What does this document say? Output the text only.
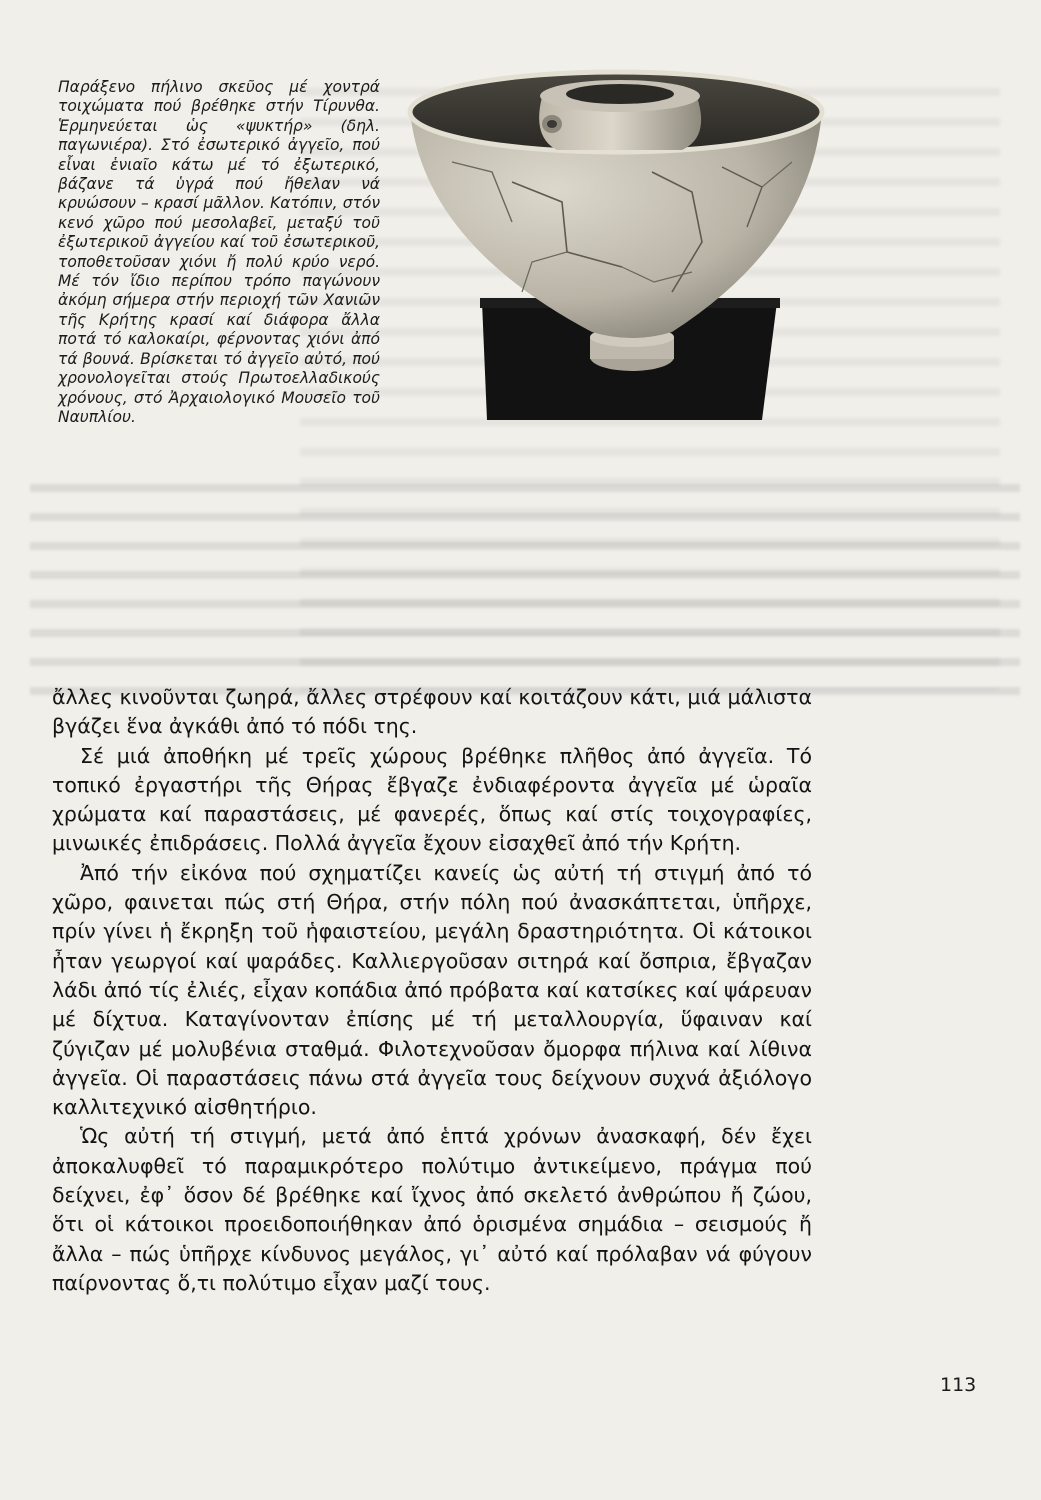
Παράξενο πήλινο σκεῦος μέ χοντρά τοιχώματα πού βρέθηκε στήν Τίρυνθα. Ἑρμηνεύεται ὡς «ψυκτήρ» (δηλ. παγωνιέρα). Στό ἐσωτερικό ἀγγεῖο, πού εἶναι ἑνιαῖο κάτω μέ τό ἐξωτερικό, βάζανε τά ὑγρά πού ἤθελαν νά κρυώσουν – κρασί μᾶλλον. Κατόπιν, στόν κενό χῶρο πού μεσολαβεῖ, μεταξύ τοῦ ἐξωτερικοῦ ἀγγείου καί τοῦ ἐσωτερικοῦ, τοποθετοῦσαν χιόνι ἤ πολύ κρύο νερό. Μέ τόν ἴδιο περίπου τρόπο παγώνουν ἀκόμη σήμερα στήν περιοχή τῶν Χανιῶν τῆς Κρήτης κρασί καί διάφορα ἄλλα ποτά τό καλοκαίρι, φέρνοντας χιόνι ἀπό τά βουνά. Βρίσκεται τό ἀγγεῖο αὐτό, πού χρονολογεῖται στούς Πρωτοελλαδικούς χρόνους, στό Ἀρχαιολογικό Μουσεῖο τοῦ Ναυπλίου.

ἄλλες κινοῦνται ζωηρά, ἄλλες στρέφουν καί κοιτάζουν κάτι, μιά μάλιστα βγάζει ἕνα ἀγκάθι ἀπό τό πόδι της.

Σέ μιά ἀποθήκη μέ τρεῖς χώρους βρέθηκε πλῆθος ἀπό ἀγγεῖα. Τό τοπικό ἐργαστήρι τῆς Θήρας ἔβγαζε ἐνδιαφέροντα ἀγγεῖα μέ ὡραῖα χρώματα καί παραστάσεις, μέ φανερές, ὅπως καί στίς τοιχογραφίες, μινωικές ἐπιδράσεις. Πολλά ἀγγεῖα ἔχουν εἰσαχθεῖ ἀπό τήν Κρήτη.

Ἀπό τήν εἰκόνα πού σχηματίζει κανείς ὡς αὐτή τή στιγμή ἀπό τό χῶρο, φαινεται πώς στή Θήρα, στήν πόλη πού ἀνασκάπτεται, ὑπῆρχε, πρίν γίνει ἡ ἔκρηξη τοῦ ἡφαιστείου, μεγάλη δραστηριότητα. Οἱ κάτοικοι ἦταν γεωργοί καί ψαράδες. Καλλιεργοῦσαν σιτηρά καί ὄσπρια, ἔβγαζαν λάδι ἀπό τίς ἐλιές, εἶχαν κοπάδια ἀπό πρόβατα καί κατσίκες καί ψάρευαν μέ δίχτυα. Καταγίνονταν ἐπίσης μέ τή μεταλλουργία, ὕφαιναν καί ζύγιζαν μέ μολυβένια σταθμά. Φιλοτεχνοῦσαν ὄμορφα πήλινα καί λίθινα ἀγγεῖα. Οἱ παραστάσεις πάνω στά ἀγγεῖα τους δείχνουν συχνά ἀξιόλογο καλλιτεχνικό αἰσθητήριο.

Ὡς αὐτή τή στιγμή, μετά ἀπό ἑπτά χρόνων ἀνασκαφή, δέν ἔχει ἀποκαλυφθεῖ τό παραμικρότερο πολύτιμο ἀντικείμενο, πράγμα πού δείχνει, ἐφ᾽ ὅσον δέ βρέθηκε καί ἴχνος ἀπό σκελετό ἀνθρώπου ἤ ζώου, ὅτι οἱ κάτοικοι προειδοποιήθηκαν ἀπό ὁρισμένα σημάδια – σεισμούς ἤ ἄλλα – πώς ὑπῆρχε κίνδυνος μεγάλος, γι᾽ αὐτό καί πρόλαβαν νά φύγουν παίρνοντας ὅ,τι πολύτιμο εἶχαν μαζί τους.

113
